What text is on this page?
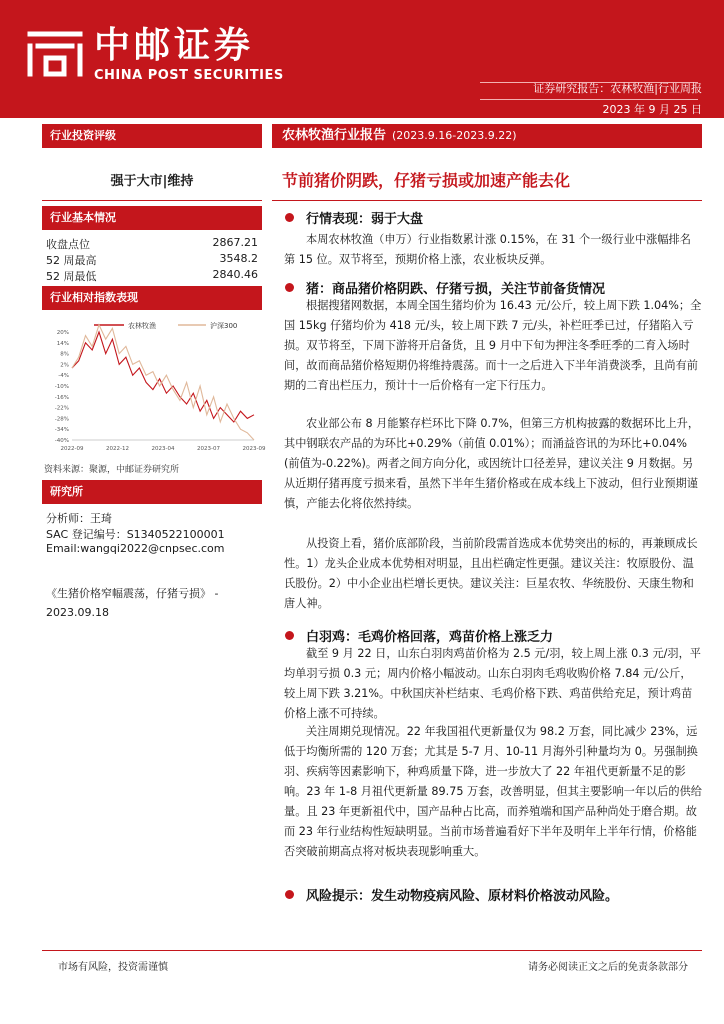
中邮证券
CHINA POST SECURITIES
证券研究报告：农林牧渔|行业周报
2023 年 9 月 25 日
行业投资评级
强于大市|维持
行业基本情况
收盘点位	2867.21
52 周最高	3548.2
52 周最低	2840.46
行业相对指数表现
农林牧渔	沪深300
20%
14%
8%
2%
-4%
-10%
-16%
-22%
-28%
-34%
-40%
2022-09	2022-12	2023-04	2023-07	2023-09
资料来源：聚源，中邮证券研究所
研究所
分析师：王琦
SAC 登记编号：S1340522100001
Email:wangqi2022@cnpsec.com
《生猪价格窄幅震荡，仔猪亏损》 - 2023.09.18
农林牧渔行业报告 (2023.9.16-2023.9.22)
节前猪价阴跌，仔猪亏损或加速产能去化
行情表现：弱于大盘
本周农林牧渔（申万）行业指数累计涨 0.15%，在 31 个一级行业中涨幅排名第 15 位。双节将至，预期价格上涨，农业板块反弹。
猪：商品猪价格阴跌、仔猪亏损，关注节前备货情况
根据搜猪网数据，本周全国生猪均价为 16.43 元/公斤，较上周下跌 1.04%；全国 15kg 仔猪均价为 418 元/头，较上周下跌 7 元/头，补栏旺季已过，仔猪陷入亏损。双节将至，下周下游将开启备货，且 9 月中下旬为押注冬季旺季的二育入场时间，故而商品猪价格短期仍将维持震荡。而十一之后进入下半年消费淡季，且尚有前期的二育出栏压力，预计十一后价格有一定下行压力。
农业部公布 8 月能繁存栏环比下降 0.7%，但第三方机构披露的数据环比上升，其中钢联农产品的为环比+0.29%（前值 0.01%）；而涌益咨讯的为环比+0.04%(前值为-0.22%)。两者之间方向分化，或因统计口径差异，建议关注 9 月数据。另从近期仔猪再度亏损来看，虽然下半年生猪价格或在成本线上下波动，但行业预期谨慎，产能去化将依然持续。
从投资上看，猪价底部阶段，当前阶段需首选成本优势突出的标的，再兼顾成长性。1）龙头企业成本优势相对明显，且出栏确定性更强。建议关注：牧原股份、温氏股份。2）中小企业出栏增长更快。建议关注：巨星农牧、华统股份、天康生物和唐人神。
白羽鸡：毛鸡价格回落，鸡苗价格上涨乏力
截至 9 月 22 日，山东白羽肉鸡苗价格为 2.5 元/羽，较上周上涨 0.3 元/羽，平均单羽亏损 0.3 元；周内价格小幅波动。山东白羽肉毛鸡收购价格 7.84 元/公斤，较上周下跌 3.21%。中秋国庆补栏结束、毛鸡价格下跌、鸡苗供给充足，预计鸡苗价格上涨不可持续。
关注周期兑现情况。22 年我国祖代更新量仅为 98.2 万套，同比减少 23%，远低于均衡所需的 120 万套；尤其是 5-7 月、10-11 月海外引种量均为 0。另强制换羽、疾病等因素影响下，种鸡质量下降，进一步放大了 22 年祖代更新量不足的影响。23 年 1-8 月祖代更新量 89.75 万套，改善明显，但其主要影响一年以后的供给量。且 23 年更新祖代中，国产品种占比高，而养殖端和国产品种尚处于磨合期。故而 23 年行业结构性短缺明显。当前市场普遍看好下半年及明年上半年行情，价格能否突破前期高点将对板块表现影响重大。
风险提示：发生动物疫病风险、原材料价格波动风险。
市场有风险，投资需谨慎	请务必阅读正文之后的免责条款部分
